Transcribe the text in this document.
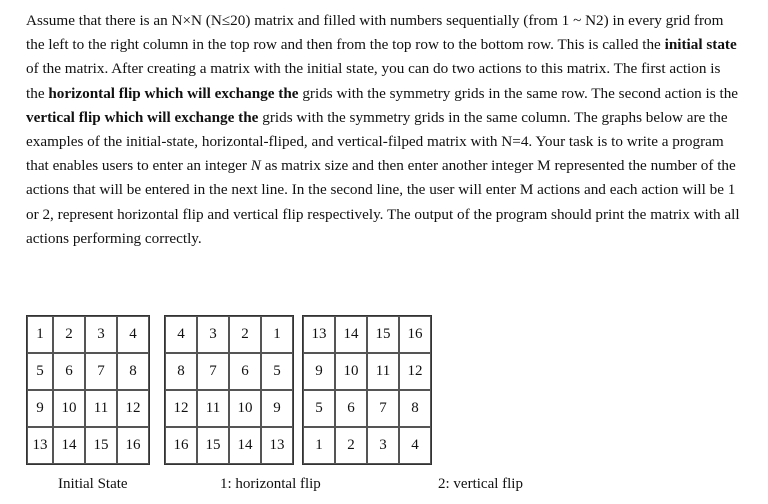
Assume that there is an N×N (N≤20) matrix and filled with numbers sequentially (from 1 ~ N2) in every grid from the left to the right column in the top row and then from the top row to the bottom row. This is called the initial state of the matrix. After creating a matrix with the initial state, you can do two actions to this matrix. The first action is the horizontal flip which will exchange the grids with the symmetry grids in the same row. The second action is the vertical flip which will exchange the grids with the symmetry grids in the same column. The graphs below are the examples of the initial-state, horizontal-fliped, and vertical-filped matrix with N=4. Your task is to write a program that enables users to enter an integer N as matrix size and then enter another integer M represented the number of the actions that will be entered in the next line. In the second line, the user will enter M actions and each action will be 1 or 2, represent horizontal flip and vertical flip respectively. The output of the program should print the matrix with all actions performing correctly.

1	2	3	4
5	6	7	8
9	10	11	12
13	14	15	16
4	3	2	1
8	7	6	5
12	11	10	9
16	15	14	13
13	14	15	16
9	10	11	12
5	6	7	8
1	2	3	4
Initial State	1: horizontal flip	2: vertical flip
